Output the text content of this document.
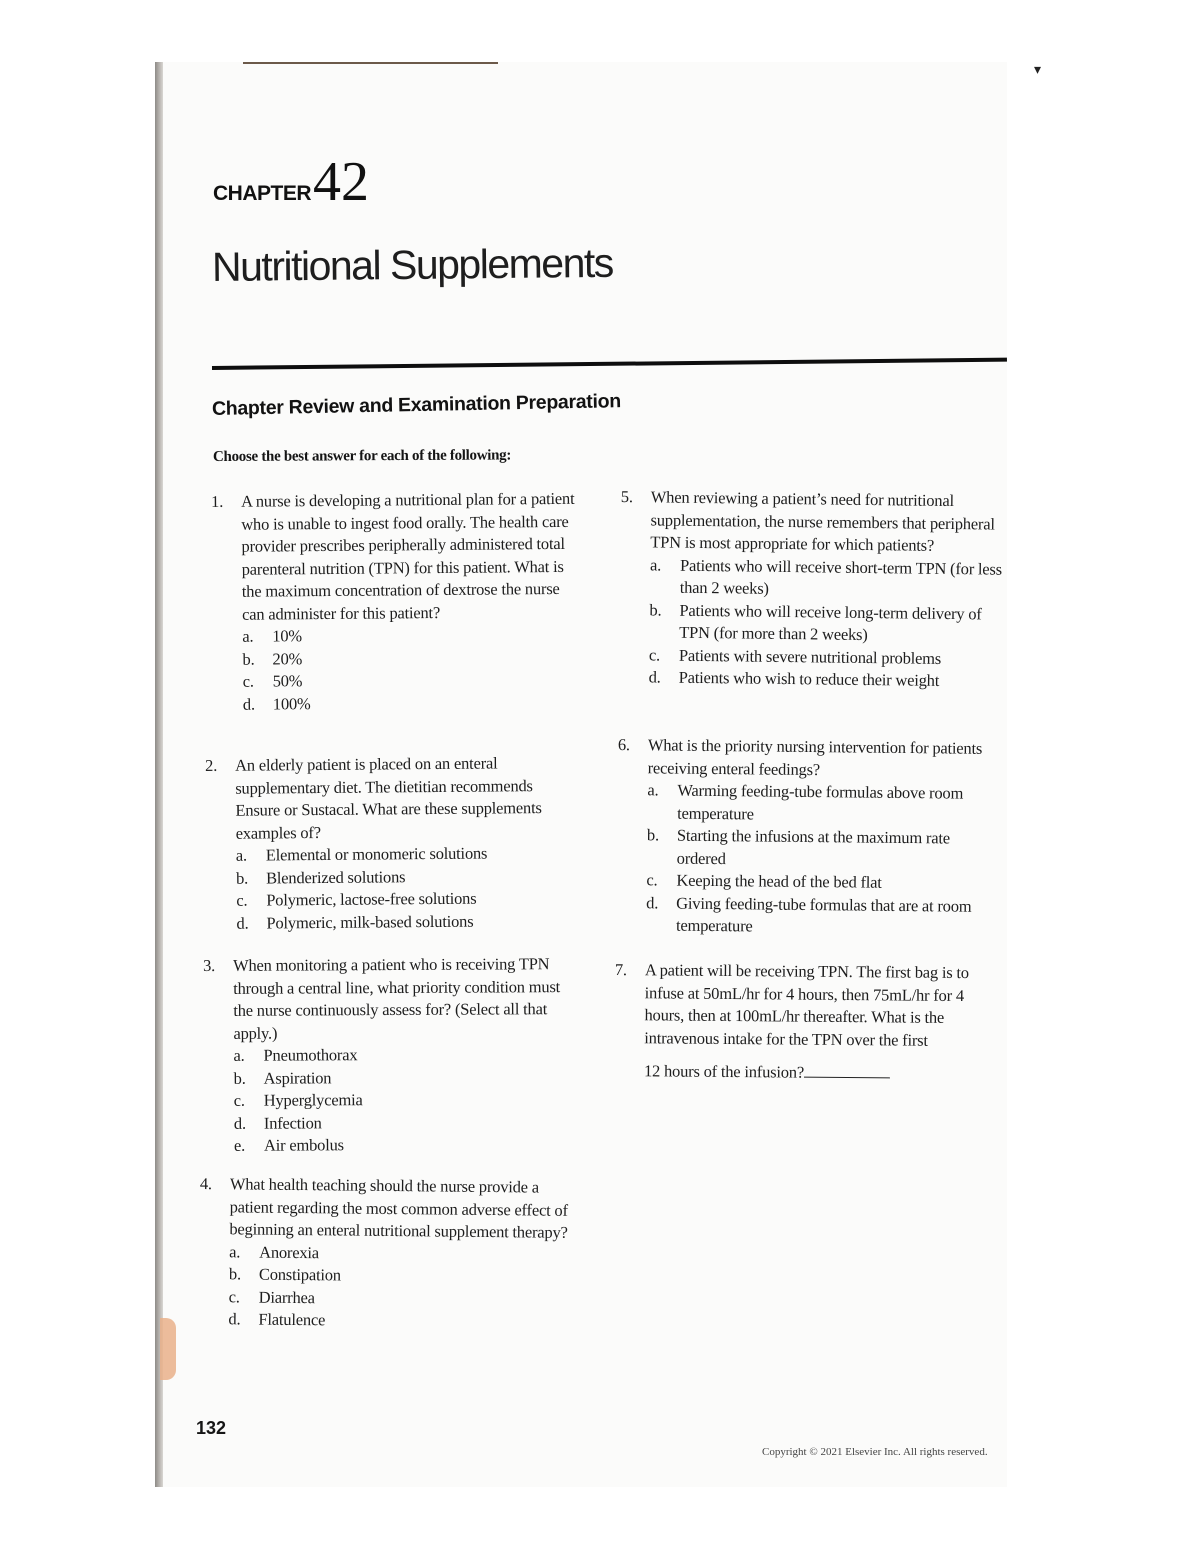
▾
CHAPTER42
Nutritional Supplements
Chapter Review and Examination Preparation
Choose the best answer for each of the following:
1. A nurse is developing a nutritional plan for a patient who is unable to ingest food orally. The health care provider prescribes peripherally administered total parenteral nutrition (TPN) for this patient. What is the maximum concentration of dextrose the nurse can administer for this patient?
a. 10%
b. 20%
c. 50%
d. 100%
2. An elderly patient is placed on an enteral supplementary diet. The dietitian recommends Ensure or Sustacal. What are these supplements examples of?
a. Elemental or monomeric solutions
b. Blenderized solutions
c. Polymeric, lactose-free solutions
d. Polymeric, milk-based solutions
3. When monitoring a patient who is receiving TPN through a central line, what priority condition must the nurse continuously assess for? (Select all that apply.)
a. Pneumothorax
b. Aspiration
c. Hyperglycemia
d. Infection
e. Air embolus
4. What health teaching should the nurse provide a patient regarding the most common adverse effect of beginning an enteral nutritional supplement therapy?
a. Anorexia
b. Constipation
c. Diarrhea
d. Flatulence
5. When reviewing a patient’s need for nutritional supplementation, the nurse remembers that peripheral TPN is most appropriate for which patients?
a. Patients who will receive short-term TPN (for less than 2 weeks)
b. Patients who will receive long-term delivery of TPN (for more than 2 weeks)
c. Patients with severe nutritional problems
d. Patients who wish to reduce their weight
6. What is the priority nursing intervention for patients receiving enteral feedings?
a. Warming feeding-tube formulas above room temperature
b. Starting the infusions at the maximum rate ordered
c. Keeping the head of the bed flat
d. Giving feeding-tube formulas that are at room temperature
7. A patient will be receiving TPN. The first bag is to infuse at 50mL/hr for 4 hours, then 75mL/hr for 4 hours, then at 100mL/hr thereafter. What is the intravenous intake for the TPN over the first
12 hours of the infusion?
132
Copyright © 2021 Elsevier Inc. All rights reserved.
